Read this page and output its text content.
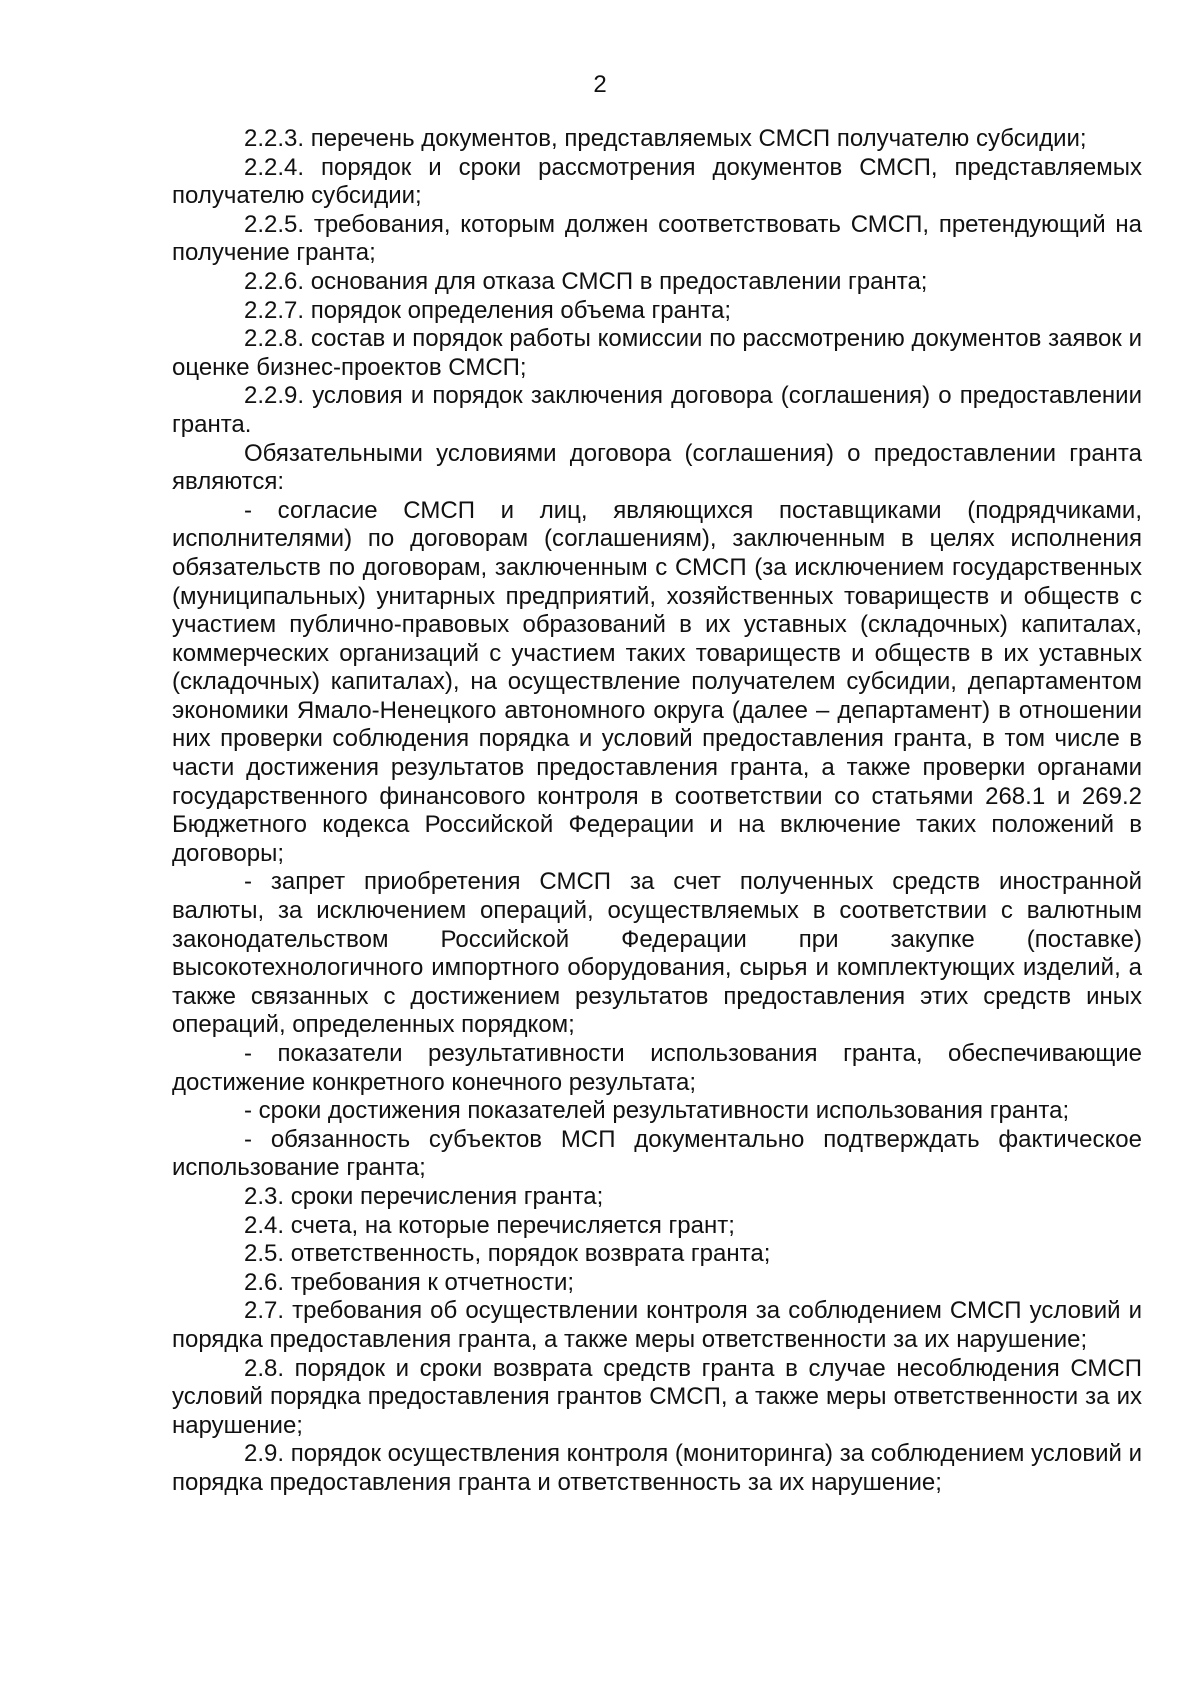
2

2.2.3. перечень документов, представляемых СМСП получателю субсидии;

2.2.4. порядок и сроки рассмотрения документов СМСП, представляемых получателю субсидии;

2.2.5. требования, которым должен соответствовать СМСП, претендующий на получение гранта;

2.2.6. основания для отказа СМСП в предоставлении гранта;

2.2.7. порядок определения объема гранта;

2.2.8. состав и порядок работы комиссии по рассмотрению документов заявок и оценке бизнес-проектов СМСП;

2.2.9. условия и порядок заключения договора (соглашения) о предоставлении гранта.

Обязательными условиями договора (соглашения) о предоставлении гранта являются:

- согласие СМСП и лиц, являющихся поставщиками (подрядчиками, исполнителями) по договорам (соглашениям), заключенным в целях исполнения обязательств по договорам, заключенным с СМСП (за исключением государственных (муниципальных) унитарных предприятий, хозяйственных товариществ и обществ с участием публично-правовых образований в их уставных (складочных) капиталах, коммерческих организаций с участием таких товариществ и обществ в их уставных (складочных) капиталах), на осуществление получателем субсидии, департаментом экономики Ямало-Ненецкого автономного округа (далее – департамент) в отношении них проверки соблюдения порядка и условий предоставления гранта, в том числе в части достижения результатов предоставления гранта, а также проверки органами государственного финансового контроля в соответствии со статьями 268.1 и 269.2 Бюджетного кодекса Российской Федерации и на включение таких положений в договоры;

- запрет приобретения СМСП за счет полученных средств иностранной валюты, за исключением операций, осуществляемых в соответствии с валютным законодательством Российской Федерации при закупке (поставке) высокотехнологичного импортного оборудования, сырья и комплектующих изделий, а также связанных с достижением результатов предоставления этих средств иных операций, определенных порядком;

- показатели результативности использования гранта, обеспечивающие достижение конкретного конечного результата;

- сроки достижения показателей результативности использования гранта;

- обязанность субъектов МСП документально подтверждать фактическое использование гранта;

2.3. сроки перечисления гранта;

2.4. счета, на которые перечисляется грант;

2.5. ответственность, порядок возврата гранта;

2.6. требования к отчетности;

2.7. требования об осуществлении контроля за соблюдением СМСП условий и порядка предоставления гранта, а также меры ответственности за их нарушение;

2.8. порядок и сроки возврата средств гранта в случае несоблюдения СМСП условий порядка предоставления грантов СМСП, а также меры ответственности за их нарушение;

2.9. порядок осуществления контроля (мониторинга) за соблюдением условий и порядка предоставления гранта и ответственность за их нарушение;
